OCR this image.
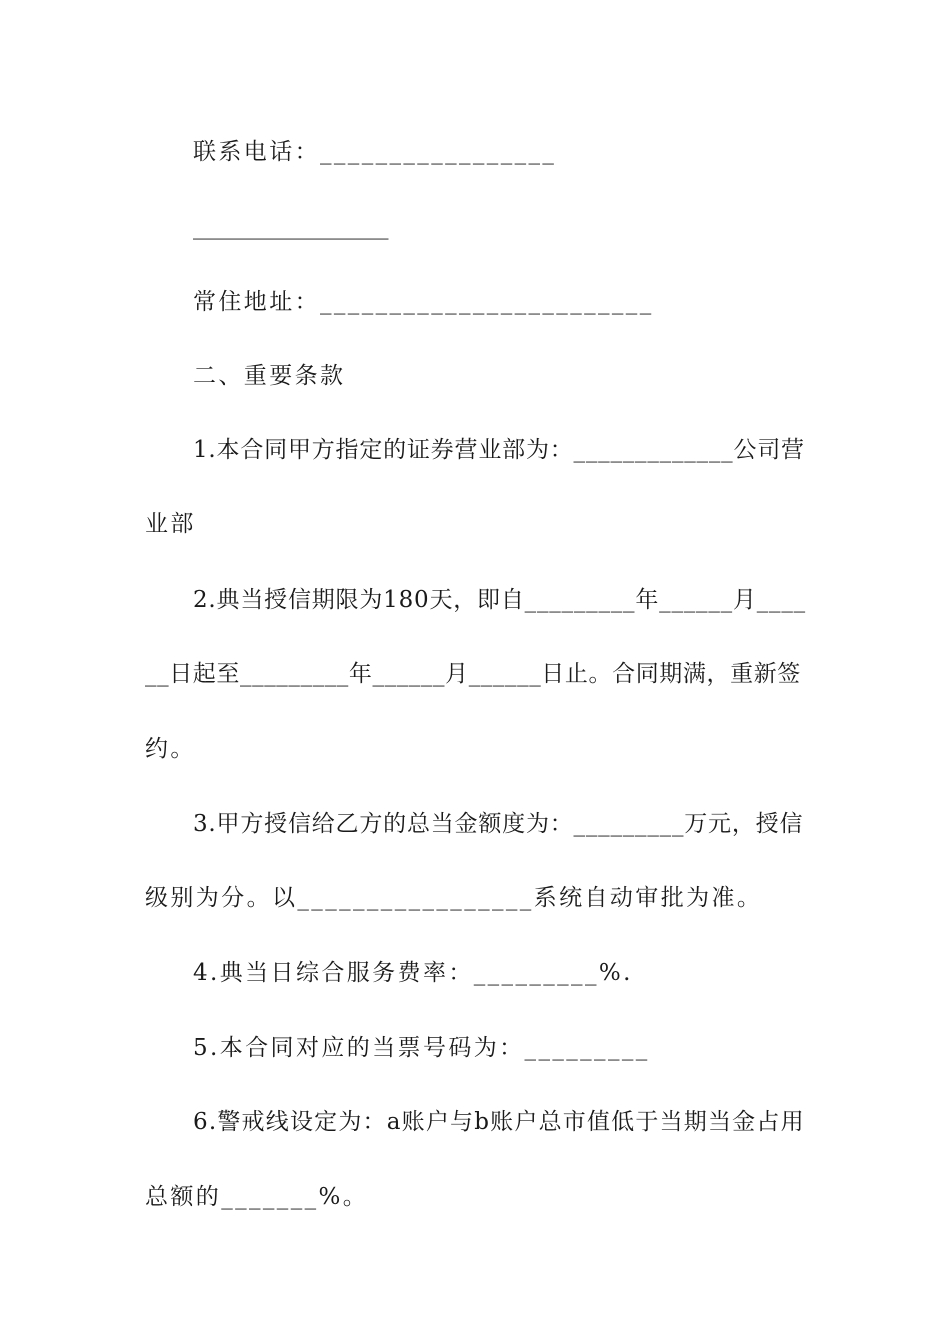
联系电话：_________________
_________________
常住地址：________________________
二、重要条款
1.本合同甲方指定的证券营业部为：_____________公司营
业部
2.典当授信期限为180天，即自_________年______月____
__日起至_________年______月______日止。合同期满，重新签
约。
3.甲方授信给乙方的总当金额度为：_________万元，授信
级别为分。以_________________系统自动审批为准。
4.典当日综合服务费率：_________%.
5.本合同对应的当票号码为：_________
6.警戒线设定为：a账户与b账户总市值低于当期当金占用
总额的_______%。
